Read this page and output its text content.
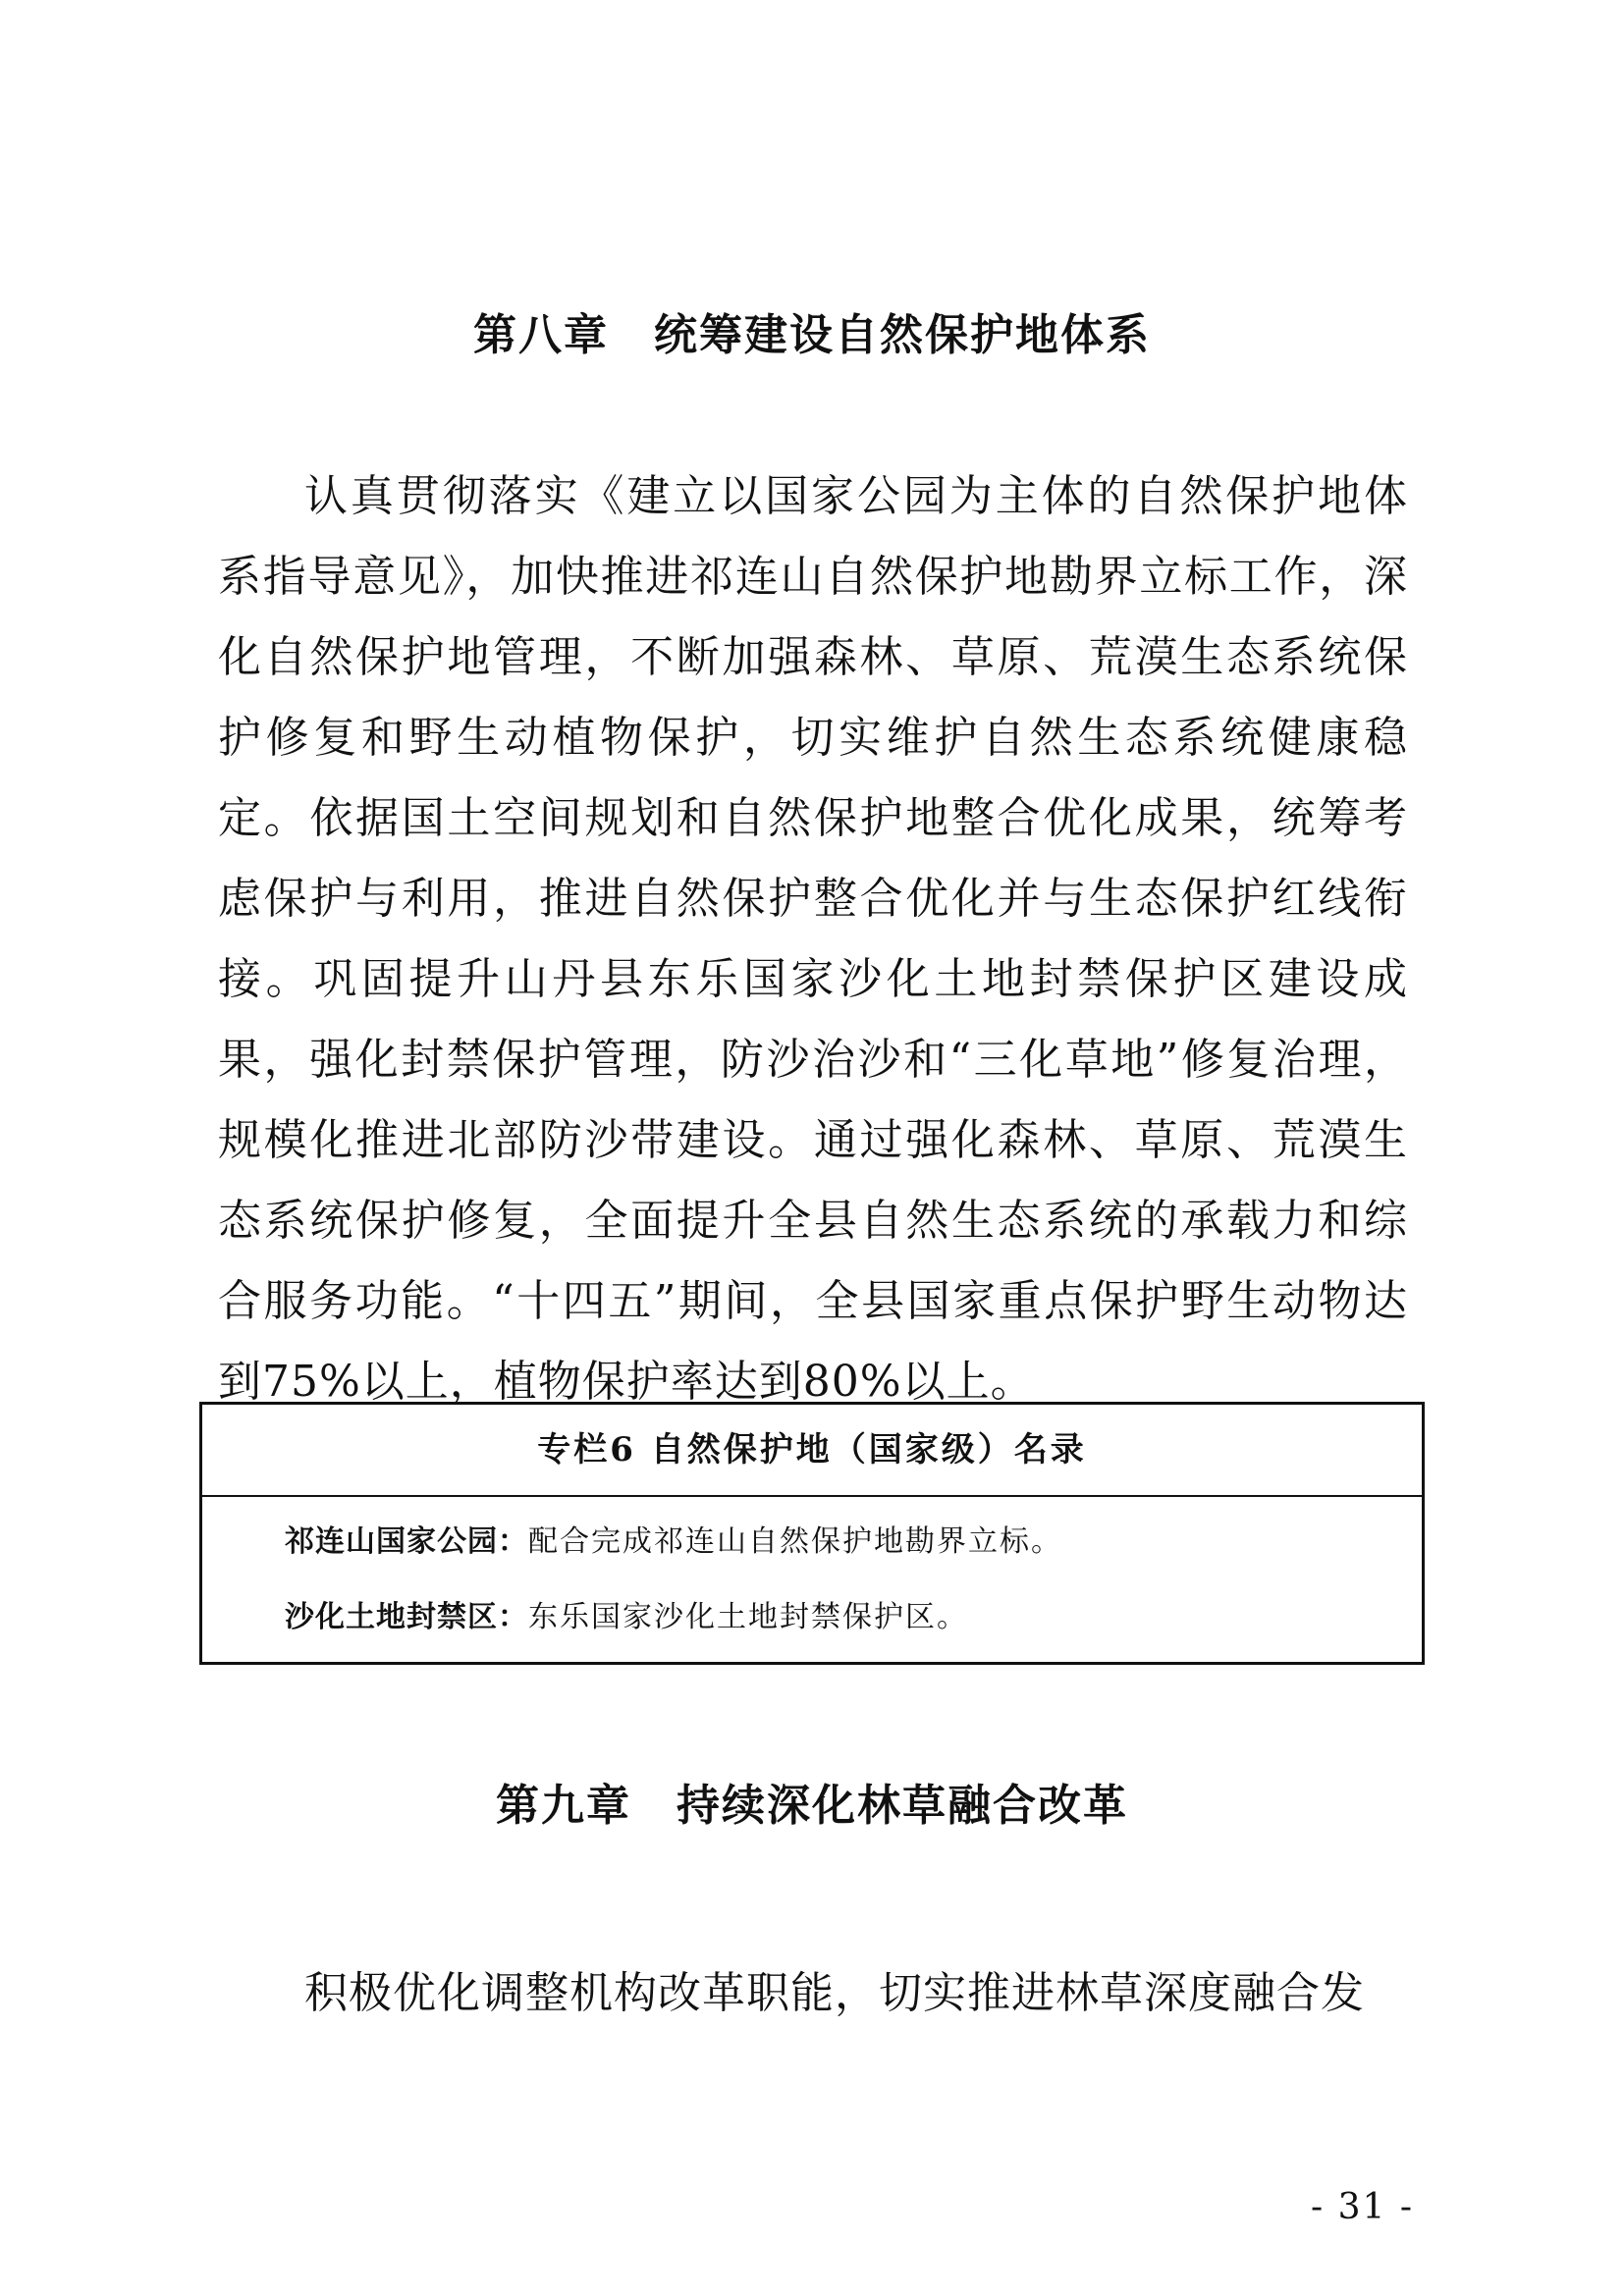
第八章　统筹建设自然保护地体系

认真贯彻落实《建立以国家公园为主体的自然保护地体系指导意见》，加快推进祁连山自然保护地勘界立标工作，深化自然保护地管理，不断加强森林、草原、荒漠生态系统保护修复和野生动植物保护，切实维护自然生态系统健康稳定。依据国土空间规划和自然保护地整合优化成果，统筹考虑保护与利用，推进自然保护整合优化并与生态保护红线衔接。巩固提升山丹县东乐国家沙化土地封禁保护区建设成果，强化封禁保护管理，防沙治沙和“三化草地”修复治理，规模化推进北部防沙带建设。通过强化森林、草原、荒漠生态系统保护修复，全面提升全县自然生态系统的承载力和综合服务功能。“十四五”期间，全县国家重点保护野生动物达到75%以上，植物保护率达到80%以上。

专栏6 自然保护地（国家级）名录
祁连山国家公园：配合完成祁连山自然保护地勘界立标。
沙化土地封禁区：东乐国家沙化土地封禁保护区。
第九章　持续深化林草融合改革

积极优化调整机构改革职能，切实推进林草深度融合发

- 31 -
